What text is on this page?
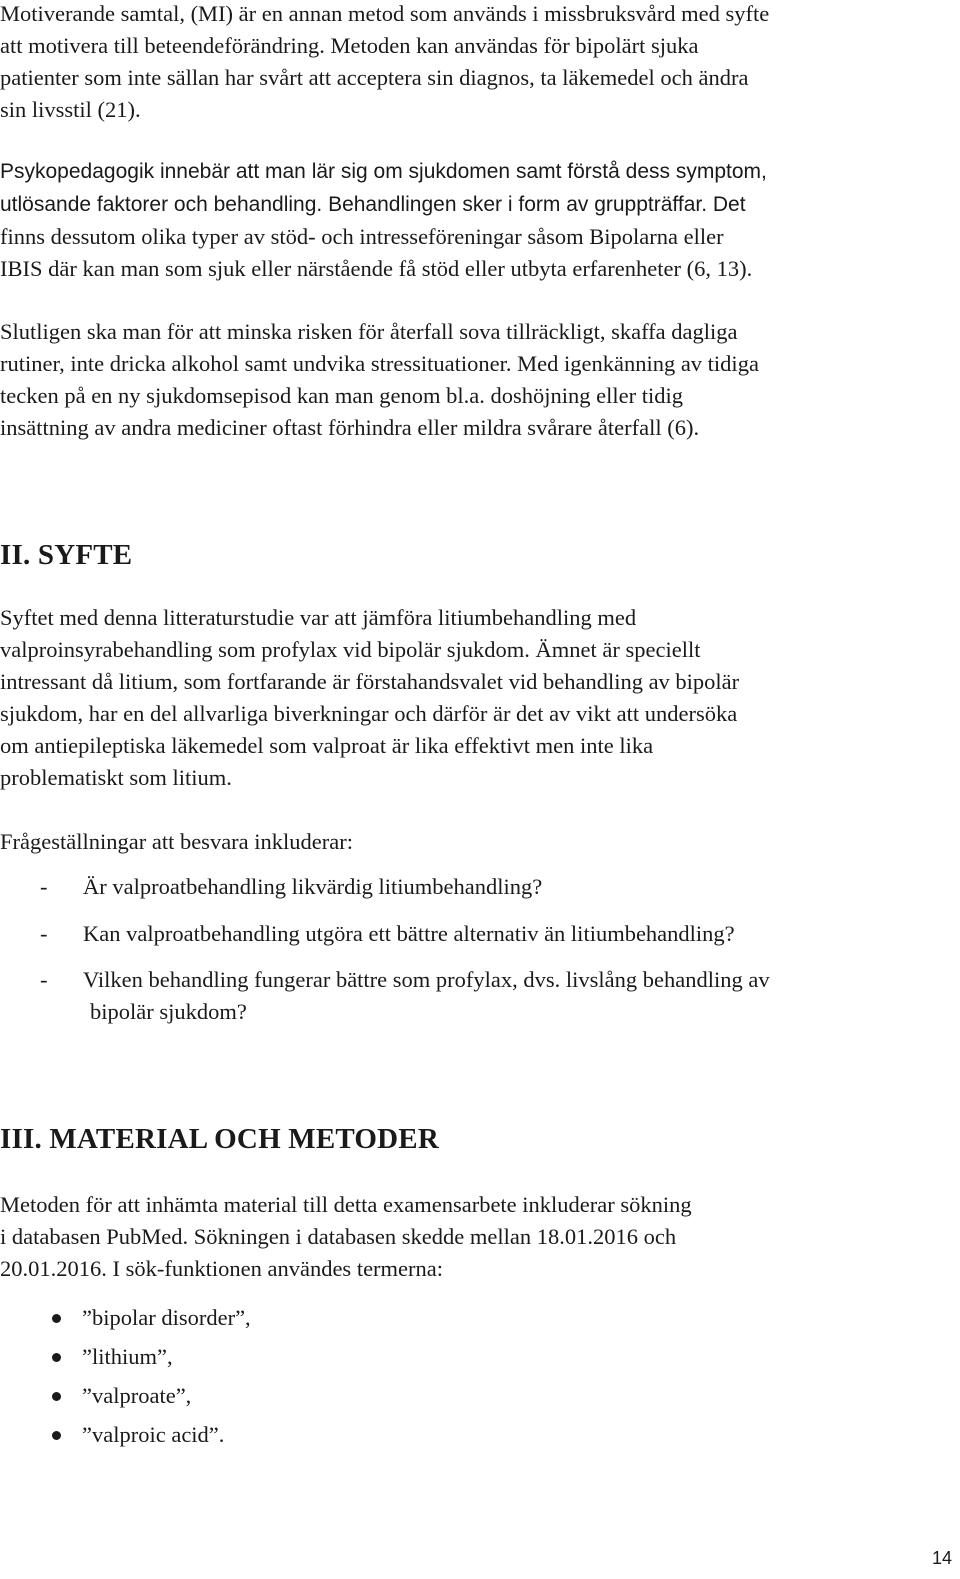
Motiverande samtal, (MI) är en annan metod som används i missbruksvård med syfte
att motivera till beteendeförändring. Metoden kan användas för bipolärt sjuka
patienter som inte sällan har svårt att acceptera sin diagnos, ta läkemedel och ändra
sin livsstil (21).

Psykopedagogik innebär att man lär sig om sjukdomen samt förstå dess symptom,
utlösande faktorer och behandling. Behandlingen sker i form av gruppträffar. Det
finns dessutom olika typer av stöd- och intresseföreningar såsom Bipolarna eller
IBIS där kan man som sjuk eller närstående få stöd eller utbyta erfarenheter (6, 13).

Slutligen ska man för att minska risken för återfall sova tillräckligt, skaffa dagliga
rutiner, inte dricka alkohol samt undvika stressituationer. Med igenkänning av tidiga
tecken på en ny sjukdomsepisod kan man genom bl.a. doshöjning eller tidig
insättning av andra mediciner oftast förhindra eller mildra svårare återfall (6).

II. SYFTE

Syftet med denna litteraturstudie var att jämföra litiumbehandling med
valproinsyrabehandling som profylax vid bipolär sjukdom. Ämnet är speciellt
intressant då litium, som fortfarande är förstahandsvalet vid behandling av bipolär
sjukdom, har en del allvarliga biverkningar och därför är det av vikt att undersöka
om antiepileptiska läkemedel som valproat är lika effektivt men inte lika
problematiskt som litium.

Frågeställningar att besvara inkluderar:

- Är valproatbehandling likvärdig litiumbehandling?
- Kan valproatbehandling utgöra ett bättre alternativ än litiumbehandling?
- Vilken behandling fungerar bättre som profylax, dvs. livslång behandling av
bipolär sjukdom?
III. MATERIAL OCH METODER

Metoden för att inhämta material till detta examensarbete inkluderar sökning
i databasen PubMed. Sökningen i databasen skedde mellan 18.01.2016 och
20.01.2016. I sök-funktionen användes termerna:

”bipolar disorder”,
”lithium”,
”valproate”,
”valproic acid”.
14
